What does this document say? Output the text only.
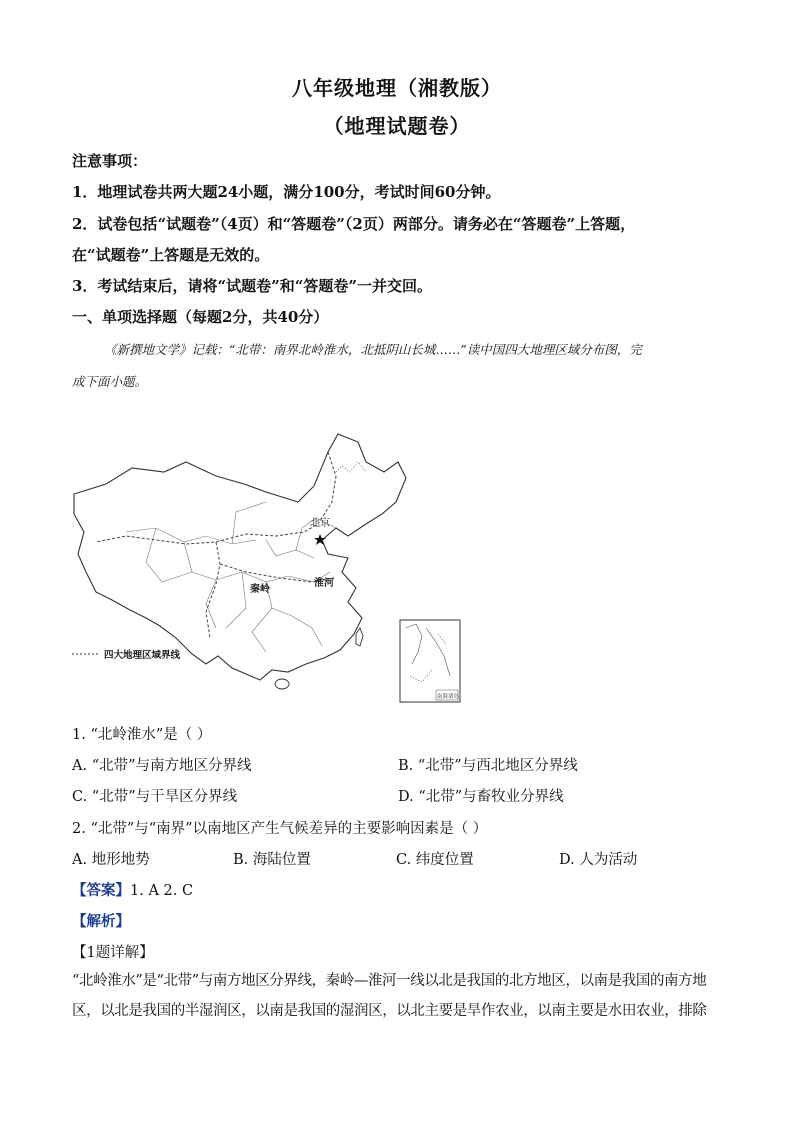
八年级地理（湘教版）
（地理试题卷）
注意事项：
1．地理试卷共两大题24小题，满分100分，考试时间60分钟。
2．试卷包括“试题卷”（4页）和“答题卷”（2页）两部分。请务必在“答题卷”上答题，
在“试题卷”上答题是无效的。
3．考试结束后，请将“试题卷”和“答题卷”一并交回。
一、单项选择题（每题2分，共40分）
《新撰地文学》记载：“北带：南界北岭淮水，北抵阴山长城……”读中国四大地理区域分布图，完
成下面小题。
北京
淮河
秦岭
四大地理区域界线
南海诸岛
1. “北岭淮水”是（ ）
A. “北带”与南方地区分界线	B. “北带”与西北地区分界线
C. “北带”与干旱区分界线	D. “北带”与畜牧业分界线
2. “北带”与“南界”以南地区产生气候差异的主要影响因素是（ ）
A. 地形地势	B. 海陆位置	C. 纬度位置	D. 人为活动
【答案】1. A 2. C
【解析】
【1题详解】
“北岭淮水”是“北带”与南方地区分界线，秦岭—淮河一线以北是我国的北方地区，以南是我国的南方地
区，以北是我国的半湿润区，以南是我国的湿润区，以北主要是旱作农业，以南主要是水田农业，排除
